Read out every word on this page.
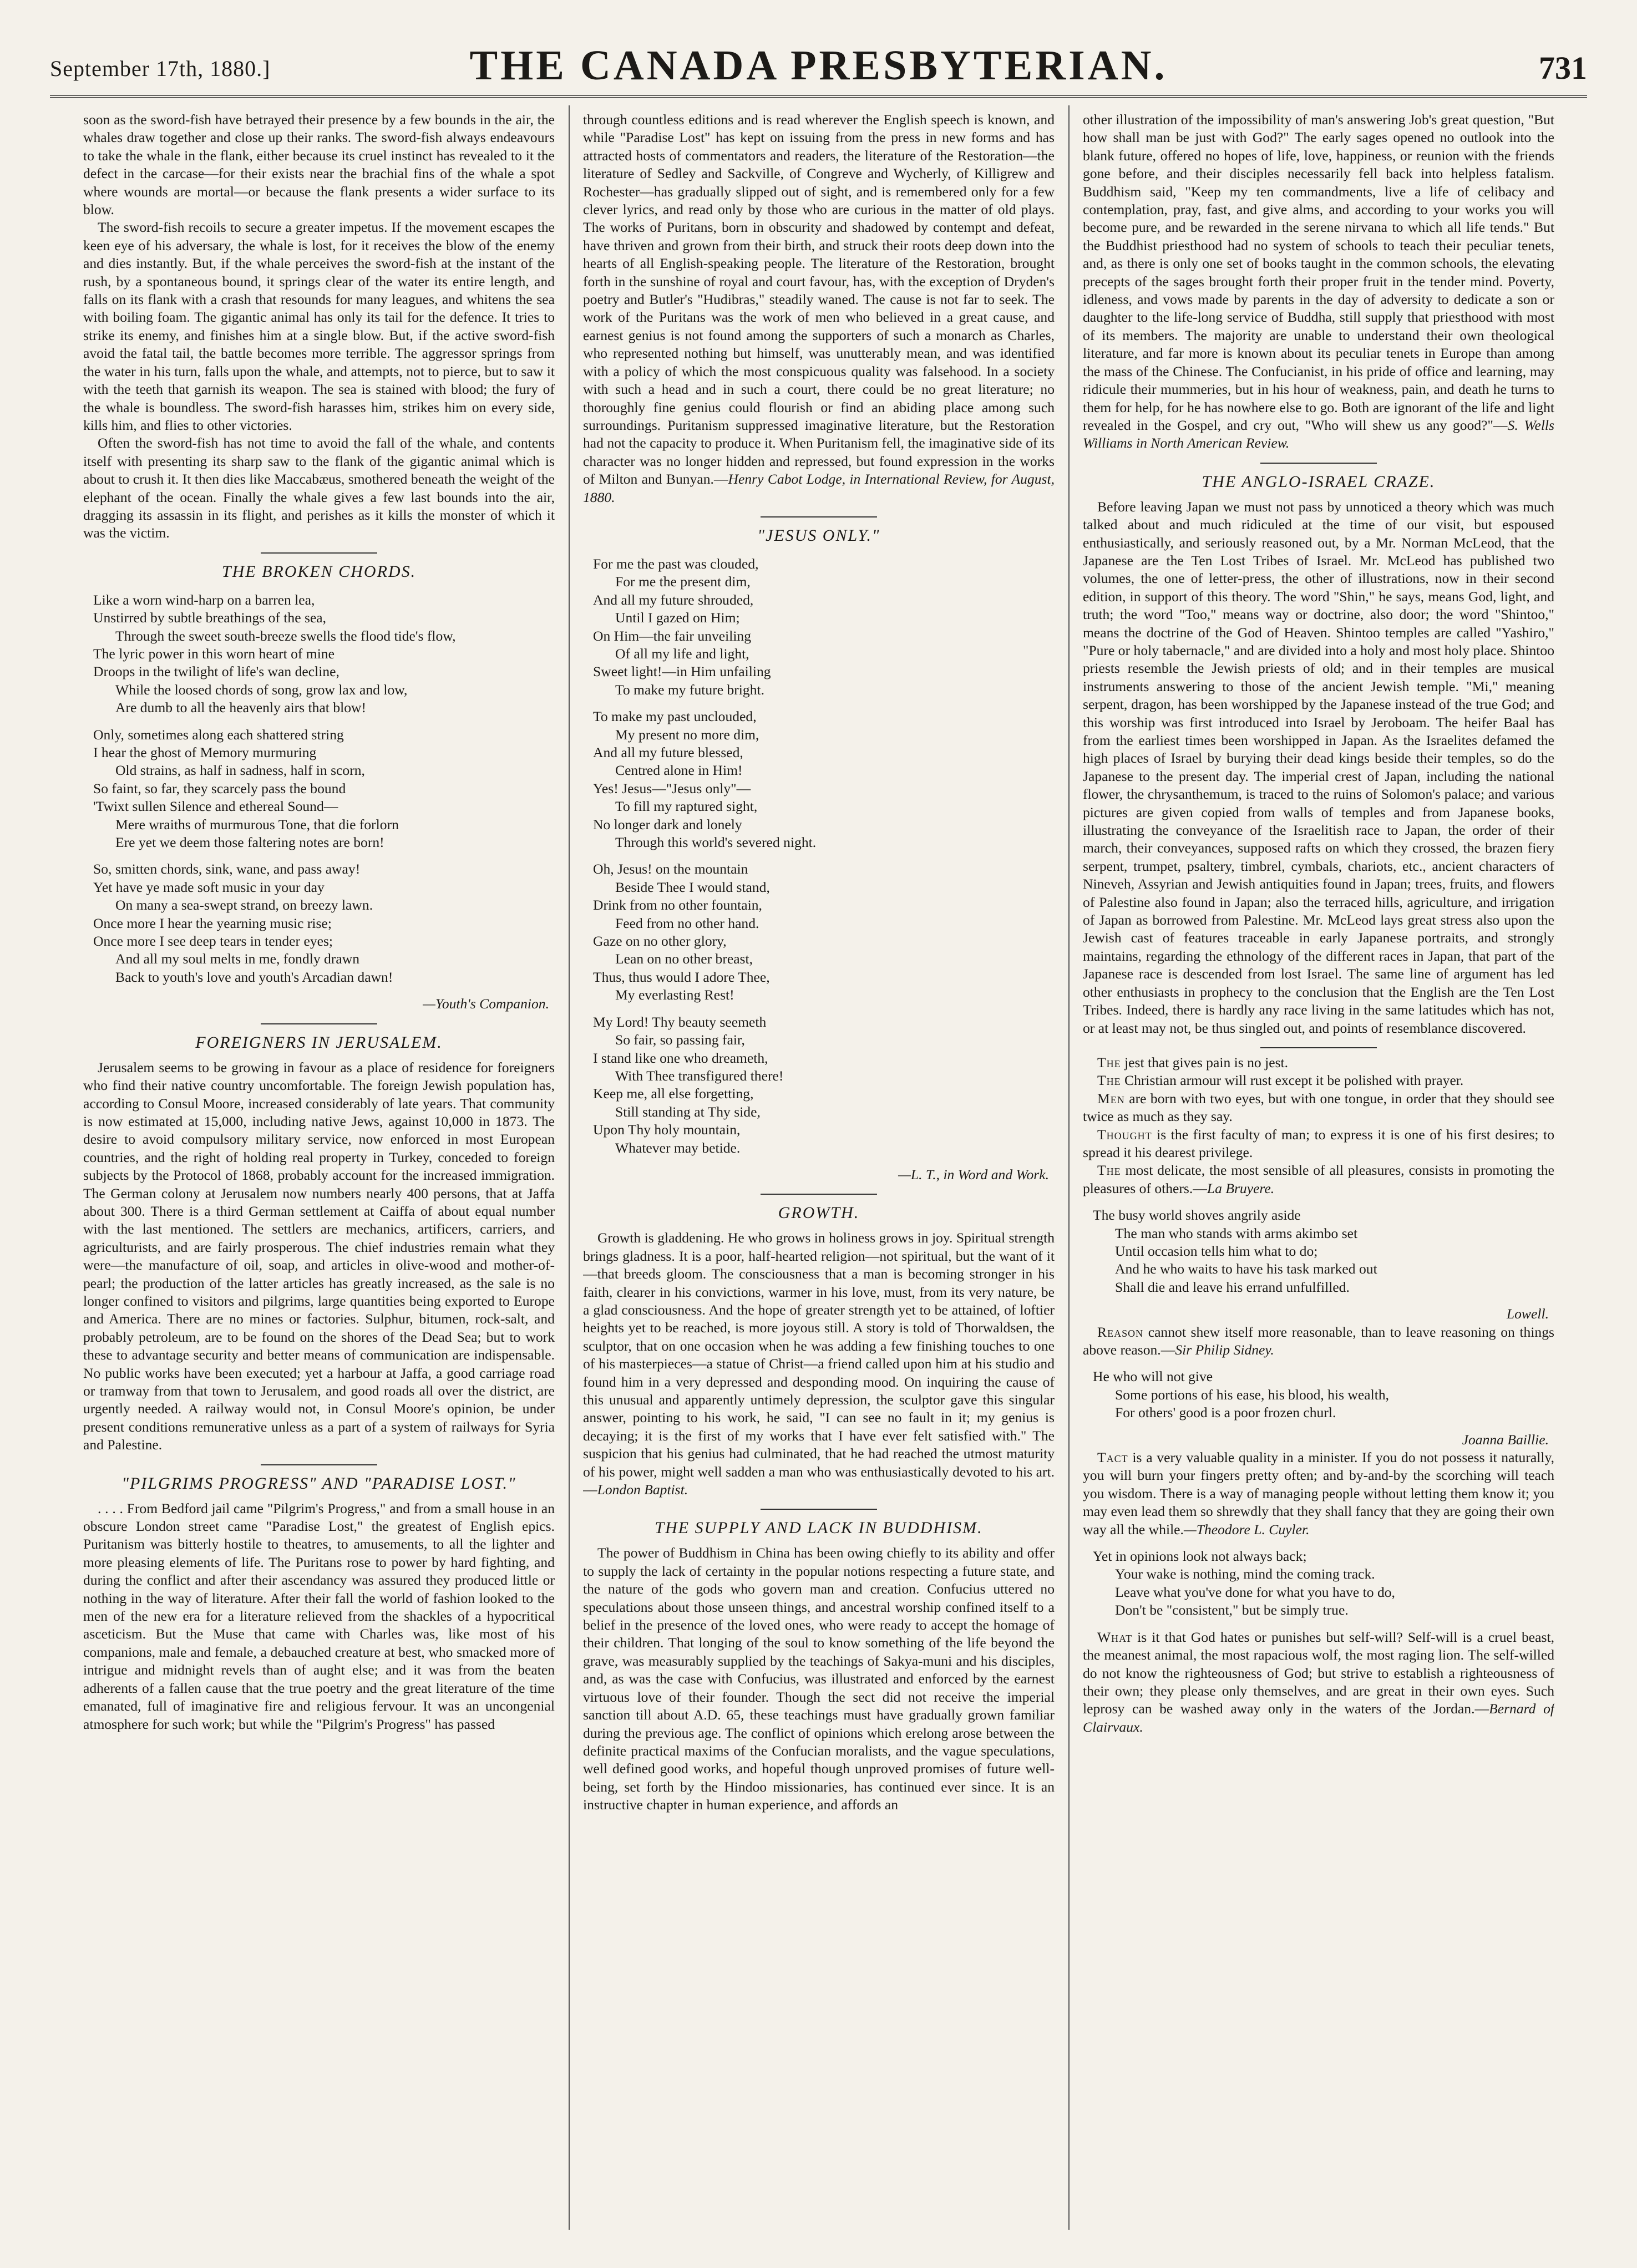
September 17th, 1880.]	THE CANADA PRESBYTERIAN.	731

soon as the sword-fish have betrayed their presence by a few bounds in the air, the whales draw together and close up their ranks. The sword-fish always endeavours to take the whale in the flank, either because its cruel instinct has revealed to it the defect in the carcase—for their exists near the brachial fins of the whale a spot where wounds are mortal—or because the flank presents a wider surface to its blow.

The sword-fish recoils to secure a greater impetus. If the movement escapes the keen eye of his adversary, the whale is lost, for it receives the blow of the enemy and dies instantly. But, if the whale perceives the sword-fish at the instant of the rush, by a spontaneous bound, it springs clear of the water its entire length, and falls on its flank with a crash that resounds for many leagues, and whitens the sea with boiling foam. The gigantic animal has only its tail for the defence. It tries to strike its enemy, and finishes him at a single blow. But, if the active sword-fish avoid the fatal tail, the battle becomes more terrible. The aggressor springs from the water in his turn, falls upon the whale, and attempts, not to pierce, but to saw it with the teeth that garnish its weapon. The sea is stained with blood; the fury of the whale is boundless. The sword-fish harasses him, strikes him on every side, kills him, and flies to other victories.

Often the sword-fish has not time to avoid the fall of the whale, and contents itself with presenting its sharp saw to the flank of the gigantic animal which is about to crush it. It then dies like Maccabæus, smothered beneath the weight of the elephant of the ocean. Finally the whale gives a few last bounds into the air, dragging its assassin in its flight, and perishes as it kills the monster of which it was the victim.

THE BROKEN CHORDS.
Like a worn wind-harp on a barren lea,
Unstirred by subtle breathings of the sea,
Through the sweet south-breeze swells the flood tide's flow,
The lyric power in this worn heart of mine
Droops in the twilight of life's wan decline,
While the loosed chords of song, grow lax and low,
Are dumb to all the heavenly airs that blow!
Only, sometimes along each shattered string
I hear the ghost of Memory murmuring
Old strains, as half in sadness, half in scorn,
So faint, so far, they scarcely pass the bound
'Twixt sullen Silence and ethereal Sound—
Mere wraiths of murmurous Tone, that die forlorn
Ere yet we deem those faltering notes are born!
So, smitten chords, sink, wane, and pass away!
Yet have ye made soft music in your day
On many a sea-swept strand, on breezy lawn.
Once more I hear the yearning music rise;
Once more I see deep tears in tender eyes;
And all my soul melts in me, fondly drawn
Back to youth's love and youth's Arcadian dawn!
—Youth's Companion.
FOREIGNERS IN JERUSALEM.

Jerusalem seems to be growing in favour as a place of residence for foreigners who find their native country uncomfortable. The foreign Jewish population has, according to Consul Moore, increased considerably of late years. That community is now estimated at 15,000, including native Jews, against 10,000 in 1873. The desire to avoid compulsory military service, now enforced in most European countries, and the right of holding real property in Turkey, conceded to foreign subjects by the Protocol of 1868, probably account for the increased immigration. The German colony at Jerusalem now numbers nearly 400 persons, that at Jaffa about 300. There is a third German settlement at Caiffa of about equal number with the last mentioned. The settlers are mechanics, artificers, carriers, and agriculturists, and are fairly prosperous. The chief industries remain what they were—the manufacture of oil, soap, and articles in olive-wood and mother-of-pearl; the production of the latter articles has greatly increased, as the sale is no longer confined to visitors and pilgrims, large quantities being exported to Europe and America. There are no mines or factories. Sulphur, bitumen, rock-salt, and probably petroleum, are to be found on the shores of the Dead Sea; but to work these to advantage security and better means of communication are indispensable. No public works have been executed; yet a harbour at Jaffa, a good carriage road or tramway from that town to Jerusalem, and good roads all over the district, are urgently needed. A railway would not, in Consul Moore's opinion, be under present conditions remunerative unless as a part of a system of railways for Syria and Palestine.

"PILGRIMS PROGRESS" AND "PARADISE LOST."

. . . . From Bedford jail came "Pilgrim's Progress," and from a small house in an obscure London street came "Paradise Lost," the greatest of English epics. Puritanism was bitterly hostile to theatres, to amusements, to all the lighter and more pleasing elements of life. The Puritans rose to power by hard fighting, and during the conflict and after their ascendancy was assured they produced little or nothing in the way of literature. After their fall the world of fashion looked to the men of the new era for a literature relieved from the shackles of a hypocritical asceticism. But the Muse that came with Charles was, like most of his companions, male and female, a debauched creature at best, who smacked more of intrigue and midnight revels than of aught else; and it was from the beaten adherents of a fallen cause that the true poetry and the great literature of the time emanated, full of imaginative fire and religious fervour. It was an uncongenial atmosphere for such work; but while the "Pilgrim's Progress" has passed

through countless editions and is read wherever the English speech is known, and while "Paradise Lost" has kept on issuing from the press in new forms and has attracted hosts of commentators and readers, the literature of the Restoration—the literature of Sedley and Sackville, of Congreve and Wycherly, of Killigrew and Rochester—has gradually slipped out of sight, and is remembered only for a few clever lyrics, and read only by those who are curious in the matter of old plays. The works of Puritans, born in obscurity and shadowed by contempt and defeat, have thriven and grown from their birth, and struck their roots deep down into the hearts of all English-speaking people. The literature of the Restoration, brought forth in the sunshine of royal and court favour, has, with the exception of Dryden's poetry and Butler's "Hudibras," steadily waned. The cause is not far to seek. The work of the Puritans was the work of men who believed in a great cause, and earnest genius is not found among the supporters of such a monarch as Charles, who represented nothing but himself, was unutterably mean, and was identified with a policy of which the most conspicuous quality was falsehood. In a society with such a head and in such a court, there could be no great literature; no thoroughly fine genius could flourish or find an abiding place among such surroundings. Puritanism suppressed imaginative literature, but the Restoration had not the capacity to produce it. When Puritanism fell, the imaginative side of its character was no longer hidden and repressed, but found expression in the works of Milton and Bunyan.—Henry Cabot Lodge, in International Review, for August, 1880.

"JESUS ONLY."
For me the past was clouded,
For me the present dim,
And all my future shrouded,
Until I gazed on Him;
On Him—the fair unveiling
Of all my life and light,
Sweet light!—in Him unfailing
To make my future bright.
To make my past unclouded,
My present no more dim,
And all my future blessed,
Centred alone in Him!
Yes! Jesus—"Jesus only"—
To fill my raptured sight,
No longer dark and lonely
Through this world's severed night.
Oh, Jesus! on the mountain
Beside Thee I would stand,
Drink from no other fountain,
Feed from no other hand.
Gaze on no other glory,
Lean on no other breast,
Thus, thus would I adore Thee,
My everlasting Rest!
My Lord! Thy beauty seemeth
So fair, so passing fair,
I stand like one who dreameth,
With Thee transfigured there!
Keep me, all else forgetting,
Still standing at Thy side,
Upon Thy holy mountain,
Whatever may betide.
—L. T., in Word and Work.
GROWTH.

Growth is gladdening. He who grows in holiness grows in joy. Spiritual strength brings gladness. It is a poor, half-hearted religion—not spiritual, but the want of it—that breeds gloom. The consciousness that a man is becoming stronger in his faith, clearer in his convictions, warmer in his love, must, from its very nature, be a glad consciousness. And the hope of greater strength yet to be attained, of loftier heights yet to be reached, is more joyous still. A story is told of Thorwaldsen, the sculptor, that on one occasion when he was adding a few finishing touches to one of his masterpieces—a statue of Christ—a friend called upon him at his studio and found him in a very depressed and desponding mood. On inquiring the cause of this unusual and apparently untimely depression, the sculptor gave this singular answer, pointing to his work, he said, "I can see no fault in it; my genius is decaying; it is the first of my works that I have ever felt satisfied with." The suspicion that his genius had culminated, that he had reached the utmost maturity of his power, might well sadden a man who was enthusiastically devoted to his art.—London Baptist.

THE SUPPLY AND LACK IN BUDDHISM.

The power of Buddhism in China has been owing chiefly to its ability and offer to supply the lack of certainty in the popular notions respecting a future state, and the nature of the gods who govern man and creation. Confucius uttered no speculations about those unseen things, and ancestral worship confined itself to a belief in the presence of the loved ones, who were ready to accept the homage of their children. That longing of the soul to know something of the life beyond the grave, was measurably supplied by the teachings of Sakya-muni and his disciples, and, as was the case with Confucius, was illustrated and enforced by the earnest virtuous love of their founder. Though the sect did not receive the imperial sanction till about A.D. 65, these teachings must have gradually grown familiar during the previous age. The conflict of opinions which erelong arose between the definite practical maxims of the Confucian moralists, and the vague speculations, well defined good works, and hopeful though unproved promises of future well-being, set forth by the Hindoo missionaries, has continued ever since. It is an instructive chapter in human experience, and affords an

other illustration of the impossibility of man's answering Job's great question, "But how shall man be just with God?" The early sages opened no outlook into the blank future, offered no hopes of life, love, happiness, or reunion with the friends gone before, and their disciples necessarily fell back into helpless fatalism. Buddhism said, "Keep my ten commandments, live a life of celibacy and contemplation, pray, fast, and give alms, and according to your works you will become pure, and be rewarded in the serene nirvana to which all life tends." But the Buddhist priesthood had no system of schools to teach their peculiar tenets, and, as there is only one set of books taught in the common schools, the elevating precepts of the sages brought forth their proper fruit in the tender mind. Poverty, idleness, and vows made by parents in the day of adversity to dedicate a son or daughter to the life-long service of Buddha, still supply that priesthood with most of its members. The majority are unable to understand their own theological literature, and far more is known about its peculiar tenets in Europe than among the mass of the Chinese. The Confucianist, in his pride of office and learning, may ridicule their mummeries, but in his hour of weakness, pain, and death he turns to them for help, for he has nowhere else to go. Both are ignorant of the life and light revealed in the Gospel, and cry out, "Who will shew us any good?"—S. Wells Williams in North American Review.

THE ANGLO-ISRAEL CRAZE.

Before leaving Japan we must not pass by unnoticed a theory which was much talked about and much ridiculed at the time of our visit, but espoused enthusiastically, and seriously reasoned out, by a Mr. Norman McLeod, that the Japanese are the Ten Lost Tribes of Israel. Mr. McLeod has published two volumes, the one of letter-press, the other of illustrations, now in their second edition, in support of this theory. The word "Shin," he says, means God, light, and truth; the word "Too," means way or doctrine, also door; the word "Shintoo," means the doctrine of the God of Heaven. Shintoo temples are called "Yashiro," "Pure or holy tabernacle," and are divided into a holy and most holy place. Shintoo priests resemble the Jewish priests of old; and in their temples are musical instruments answering to those of the ancient Jewish temple. "Mi," meaning serpent, dragon, has been worshipped by the Japanese instead of the true God; and this worship was first introduced into Israel by Jeroboam. The heifer Baal has from the earliest times been worshipped in Japan. As the Israelites defamed the high places of Israel by burying their dead kings beside their temples, so do the Japanese to the present day. The imperial crest of Japan, including the national flower, the chrysanthemum, is traced to the ruins of Solomon's palace; and various pictures are given copied from walls of temples and from Japanese books, illustrating the conveyance of the Israelitish race to Japan, the order of their march, their conveyances, supposed rafts on which they crossed, the brazen fiery serpent, trumpet, psaltery, timbrel, cymbals, chariots, etc., ancient characters of Nineveh, Assyrian and Jewish antiquities found in Japan; trees, fruits, and flowers of Palestine also found in Japan; also the terraced hills, agriculture, and irrigation of Japan as borrowed from Palestine. Mr. McLeod lays great stress also upon the Jewish cast of features traceable in early Japanese portraits, and strongly maintains, regarding the ethnology of the different races in Japan, that part of the Japanese race is descended from lost Israel. The same line of argument has led other enthusiasts in prophecy to the conclusion that the English are the Ten Lost Tribes. Indeed, there is hardly any race living in the same latitudes which has not, or at least may not, be thus singled out, and points of resemblance discovered.

The jest that gives pain is no jest.

The Christian armour will rust except it be polished with prayer.

Men are born with two eyes, but with one tongue, in order that they should see twice as much as they say.

Thought is the first faculty of man; to express it is one of his first desires; to spread it his dearest privilege.

The most delicate, the most sensible of all pleasures, consists in promoting the pleasures of others.—La Bruyere.

The busy world shoves angrily aside
The man who stands with arms akimbo set
Until occasion tells him what to do;
And he who waits to have his task marked out
Shall die and leave his errand unfulfilled.
Lowell.

Reason cannot shew itself more reasonable, than to leave reasoning on things above reason.—Sir Philip Sidney.

He who will not give
Some portions of his ease, his blood, his wealth,
For others' good is a poor frozen churl.
Joanna Baillie.

Tact is a very valuable quality in a minister. If you do not possess it naturally, you will burn your fingers pretty often; and by-and-by the scorching will teach you wisdom. There is a way of managing people without letting them know it; you may even lead them so shrewdly that they shall fancy that they are going their own way all the while.—Theodore L. Cuyler.

Yet in opinions look not always back;
Your wake is nothing, mind the coming track.
Leave what you've done for what you have to do,
Don't be "consistent," but be simply true.

What is it that God hates or punishes but self-will? Self-will is a cruel beast, the meanest animal, the most rapacious wolf, the most raging lion. The self-willed do not know the righteousness of God; but strive to establish a righteousness of their own; they please only themselves, and are great in their own eyes. Such leprosy can be washed away only in the waters of the Jordan.—Bernard of Clairvaux.
